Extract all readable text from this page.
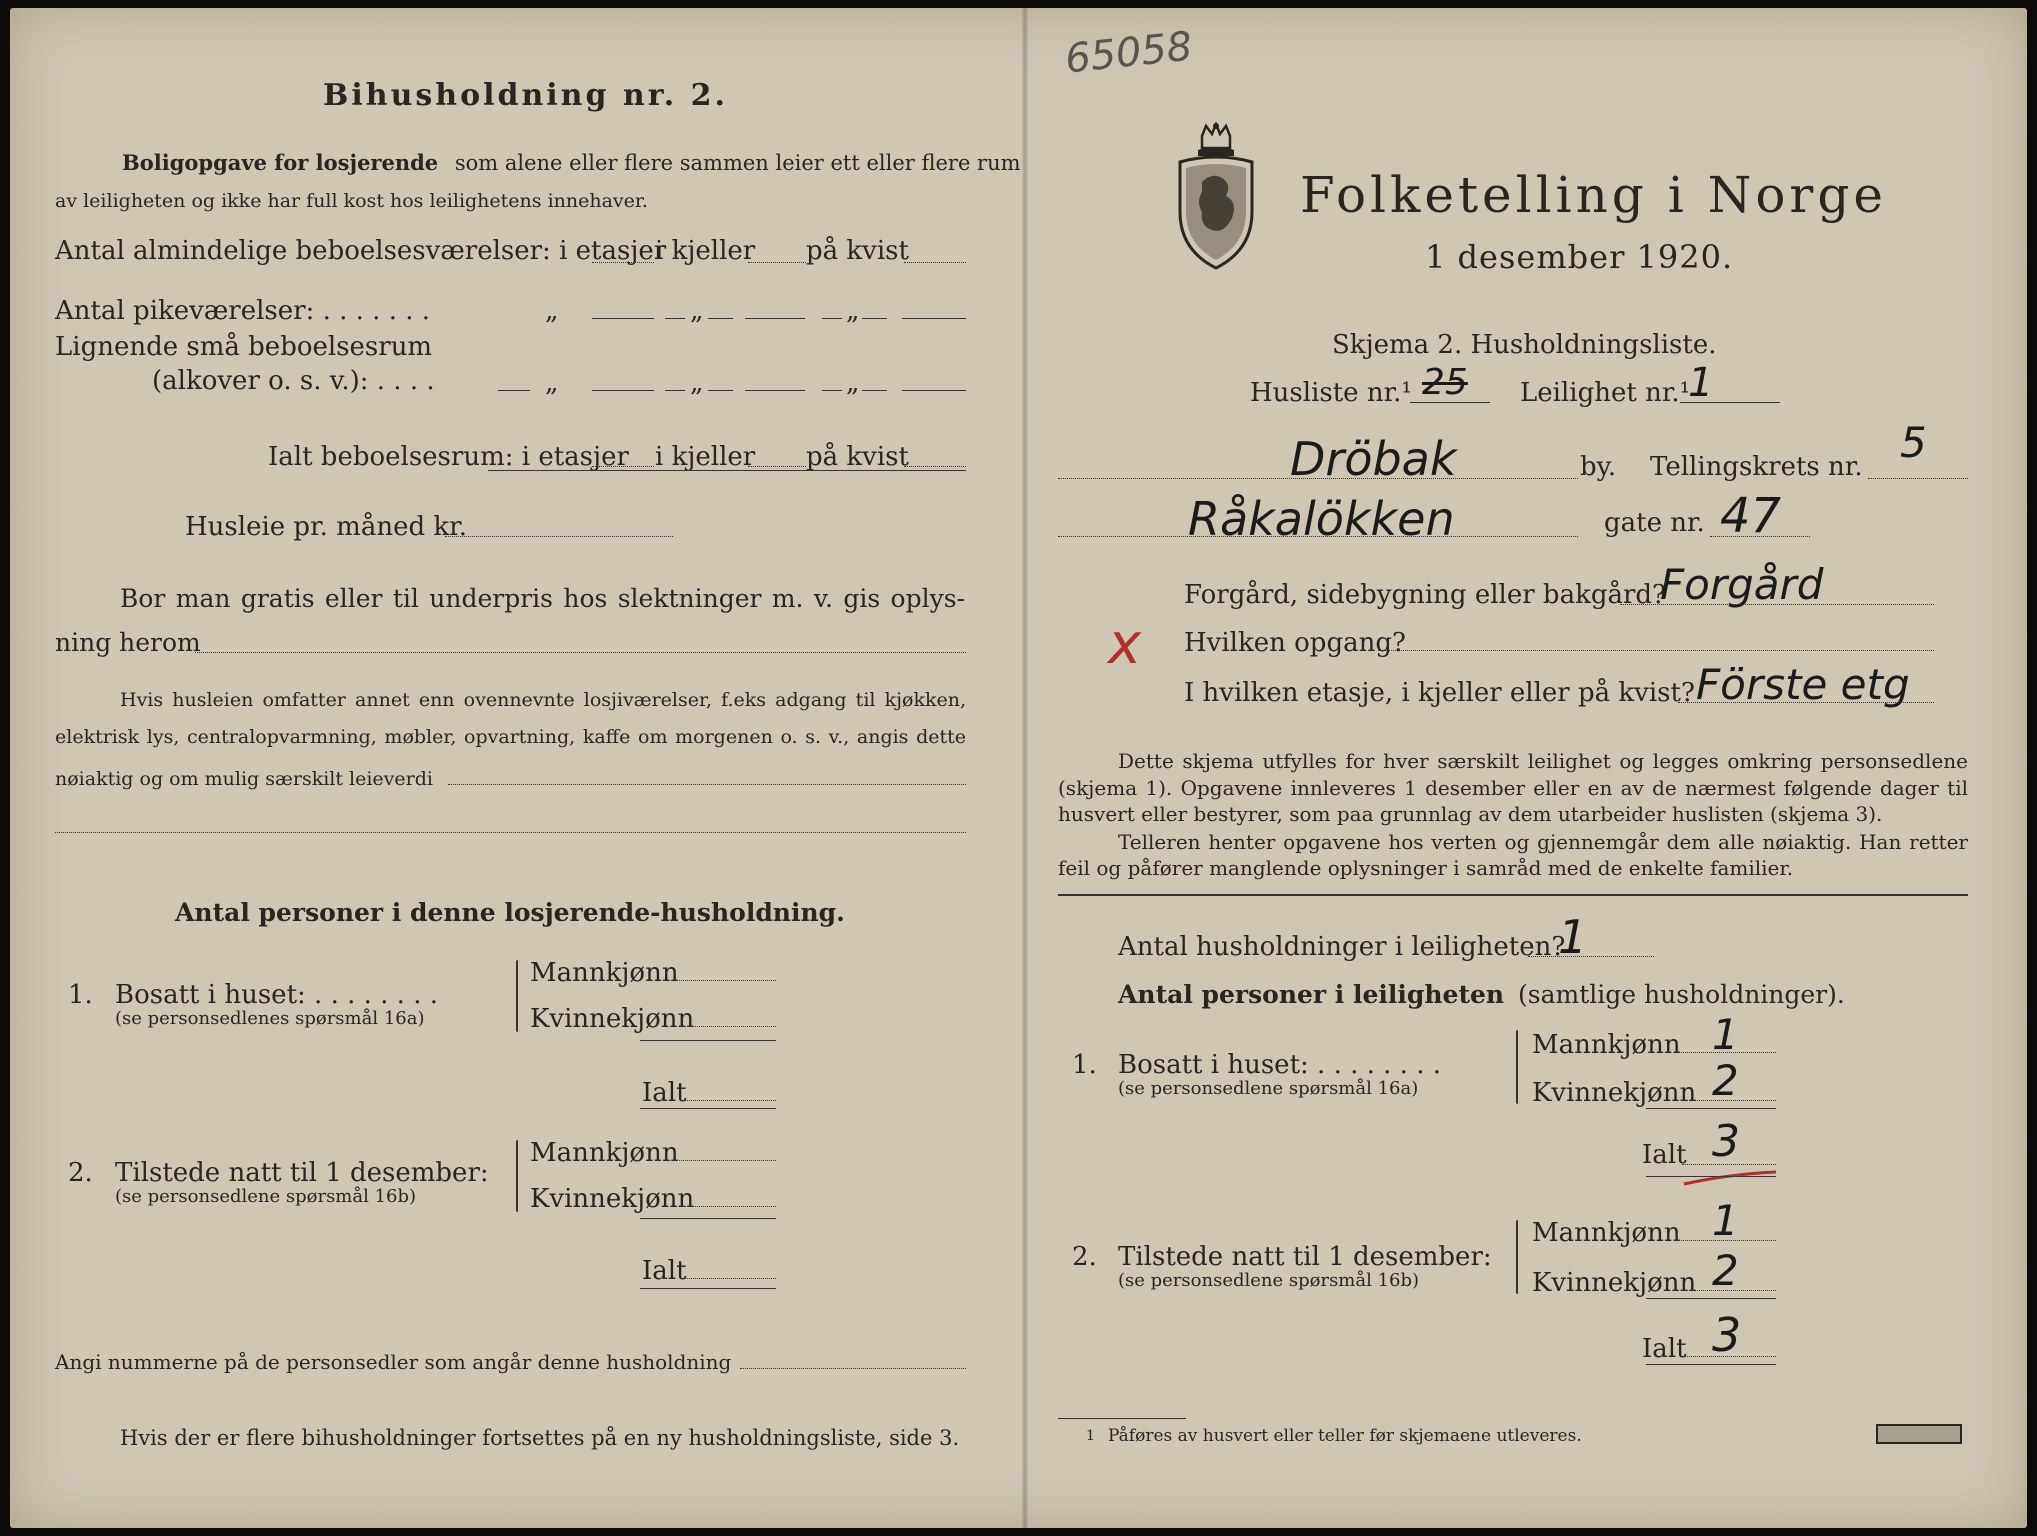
65058
Bihusholdning nr. 2.
Boligopgave for losjerende som alene eller flere sammen leier ett eller flere rum
av leiligheten og ikke har full kost hos leilighetens innehaver.
Antal almindelige beboelsesværelser: i etasjer
i kjeller på kvist
Antal pikeværelser: . . . . . . .	„	„	„
Lignende små beboelsesrum
(alkover o. s. v.): . . . .	„	„	„
Ialt beboelsesrum: i etasjer i kjeller på kvist
Husleie pr. måned kr.
Bor man gratis eller til underpris hos slektninger m. v. gis oplys-
ning herom
Hvis husleien omfatter annet enn ovennevnte losjiværelser, f.eks adgang til kjøkken,
elektrisk lys, centralopvarmning, møbler, opvartning, kaffe om morgenen o. s. v., angis dette
nøiaktig og om mulig særskilt leieverdi
Antal personer i denne losjerende-husholdning.
1. Bosatt i huset: . . . . . . . .
(se personsedlenes spørsmål 16a)
Mannkjønn
Kvinnekjønn
Ialt
2. Tilstede natt til 1 desember:
(se personsedlene spørsmål 16b)
Mannkjønn
Kvinnekjønn
Ialt
Angi nummerne på de personsedler som angår denne husholdning
Hvis der er flere bihusholdninger fortsettes på en ny husholdningsliste, side 3.
Folketelling i Norge
1 desember 1920.
Skjema 2. Husholdningsliste.
Husliste nr.¹ 25 Leilighet nr.¹
1
Dröbak	by. Tellingskrets nr. 5
Råkalökken	gate nr. 47
Forgård, sidebygning eller bakgård?
Forgård
x Hvilken opgang?
I hvilken etasje, i kjeller eller på kvist? Förste etg
Dette skjema utfylles for hver særskilt leilighet og legges omkring personsedlene
(skjema 1). Opgavene innleveres 1 desember eller en av de nærmest følgende dager til
husvert eller bestyrer, som paa grunnlag av dem utarbeider huslisten (skjema 3).
Telleren henter opgavene hos verten og gjennemgår dem alle nøiaktig. Han retter
feil og påfører manglende oplysninger i samråd med de enkelte familier.
Antal husholdninger i leiligheten?
1
Antal personer i leiligheten (samtlige husholdninger).
1. Bosatt i huset: . . . . . . . .
(se personsedlene spørsmål 16a)
Mannkjønn 1
Kvinnekjønn 2
Ialt 3
2. Tilstede natt til 1 desember:
(se personsedlene spørsmål 16b)
Mannkjønn 1
Kvinnekjønn 2
Ialt 3
1 Påføres av husvert eller teller før skjemaene utleveres.
